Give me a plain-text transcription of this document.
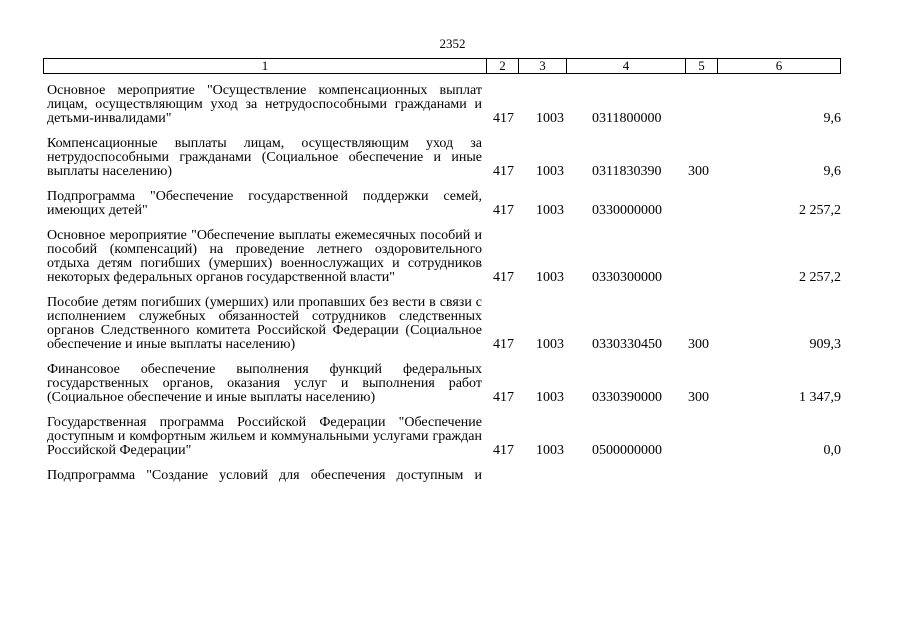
2352
1	2	3	4	5	6
Основное мероприятие "Осуществление компенсационных выплат лицам, осуществляющим уход за нетрудоспособными гражданами и детьми-инвалидами"	417 1003 0311800000	9,6
Компенсационные выплаты лицам, осуществляющим уход за нетрудоспособными гражданами (Социальное обеспечение и иные выплаты населению)	417 1003 0311830390 300	9,6
Подпрограмма "Обеспечение государственной поддержки семей, имеющих детей"	417 1003 0330000000	2 257,2
Основное мероприятие "Обеспечение выплаты ежемесячных пособий и пособий (компенсаций) на проведение летнего оздоровительного отдыха детям погибших (умерших) военнослужащих и сотрудников некоторых федеральных органов государственной власти"	417 1003 0330300000	2 257,2
Пособие детям погибших (умерших) или пропавших без вести в связи с исполнением служебных обязанностей сотрудников следственных органов Следственного комитета Российской Федерации (Социальное обеспечение и иные выплаты населению)	417 1003 0330330450 300	909,3
Финансовое обеспечение выполнения функций федеральных государственных органов, оказания услуг и выполнения работ (Социальное обеспечение и иные выплаты населению)	417 1003 0330390000 300	1 347,9
Государственная программа Российской Федерации "Обеспечение доступным и комфортным жильем и коммунальными услугами граждан Российской Федерации"	417 1003 0500000000	0,0
Подпрограмма "Создание условий для обеспечения доступным и
